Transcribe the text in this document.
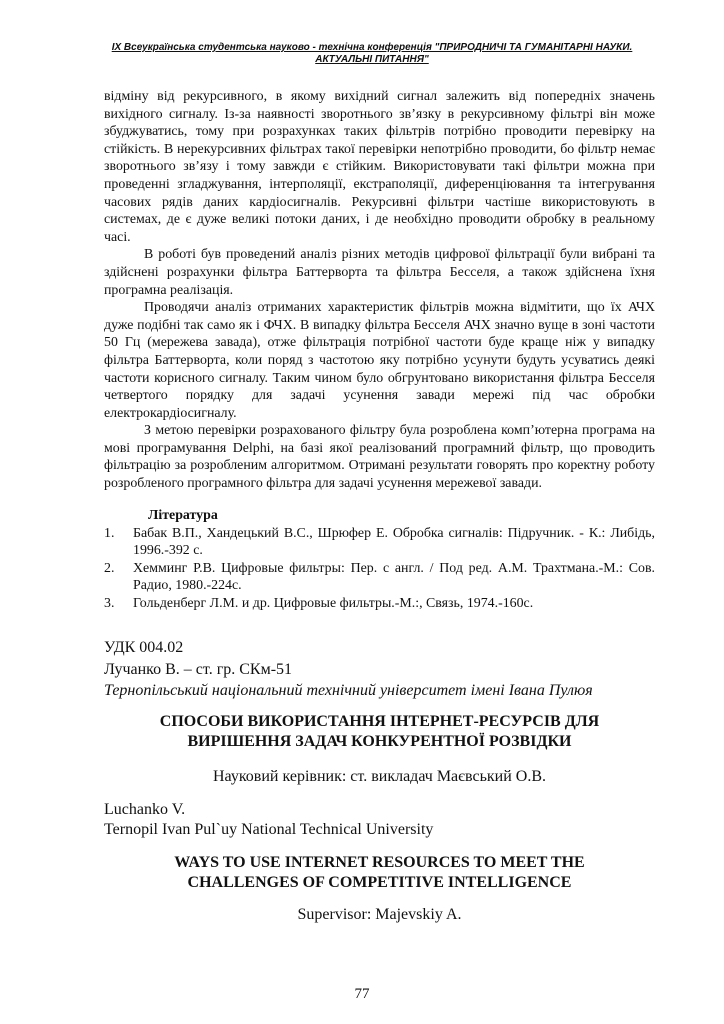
IX Всеукраїнська студентська науково - технічна конференція "ПРИРОДНИЧІ ТА ГУМАНІТАРНІ НАУКИ.
АКТУАЛЬНІ ПИТАННЯ"

відміну від рекурсивного, в якому вихідний сигнал залежить від попередніх значень вихідного сигналу. Із-за наявності зворотнього зв’язку в рекурсивному фільтрі він може збуджуватись, тому при розрахунках таких фільтрів потрібно проводити перевірку на стійкість. В нерекурсивних фільтрах такої перевірки непотрібно проводити, бо фільтр немає зворотнього зв’язу і тому завжди є стійким. Використовувати такі фільтри можна при проведенні згладжування, інтерполяції, екстраполяції, диференціювання та інтегрування часових рядів даних кардіосигналів. Рекурсивні фільтри частіше використовують в системах, де є дуже великі потоки даних, і де необхідно проводити обробку в реальному часі.

В роботі був проведений аналіз різних методів цифрової фільтрації були вибрані та здійснені розрахунки фільтра Баттерворта та фільтра Бесселя, а також здійснена їхня програмна реалізація.

Проводячи аналіз отриманих характеристик фільтрів можна відмітити, що їх АЧХ дуже подібні так само як і ФЧХ. В випадку фільтра Бесселя АЧХ значно вуще в зоні частоти 50 Гц (мережева завада), отже фільтрація потрібної частоти буде краще ніж у випадку фільтра Баттерворта, коли поряд з частотою яку потрібно усунути будуть усуватись деякі частоти корисного сигналу. Таким чином було обгрунтовано використання фільтра Бесселя четвертого порядку для задачі усунення завади мережі під час обробки електрокардіосигналу.

З метою перевірки розрахованого фільтру була розроблена комп’ютерна програма на мові програмування Delphi, на базі якої реалізований програмний фільтр, що проводить фільтрацію за розробленим алгоритмом. Отримані результати говорять про коректну роботу розробленого програмного фільтра для задачі усунення мережевої завади.

Література
1. Бабак В.П., Хандецький В.С., Шрюфер Е. Обробка сигналів: Підручник. - К.: Либідь, 1996.-392 с.
2. Хемминг Р.В. Цифровые фильтры: Пер. с англ. / Под ред. А.М. Трахтмана.-М.: Сов. Радио, 1980.-224с.
3. Гольденберг Л.М. и др. Цифровые фильтры.-М.:, Связь, 1974.-160с.
УДК 004.02
Лучанко В. – ст. гр. СКм-51
Тернопільський національний технічний університет імені Івана Пулюя
СПОСОБИ ВИКОРИСТАННЯ ІНТЕРНЕТ-РЕСУРСІВ ДЛЯ
ВИРІШЕННЯ ЗАДАЧ КОНКУРЕНТНОЇ РОЗВІДКИ
Науковий керівник: ст. викладач Маєвський О.В.
Luchanko V.
Ternopil Ivan Pul`uy National Technical University
WAYS TO USE INTERNET RESOURCES TO MEET THE
CHALLENGES OF COMPETITIVE INTELLIGENCE
Supervisor: Majevskiy A.
77
